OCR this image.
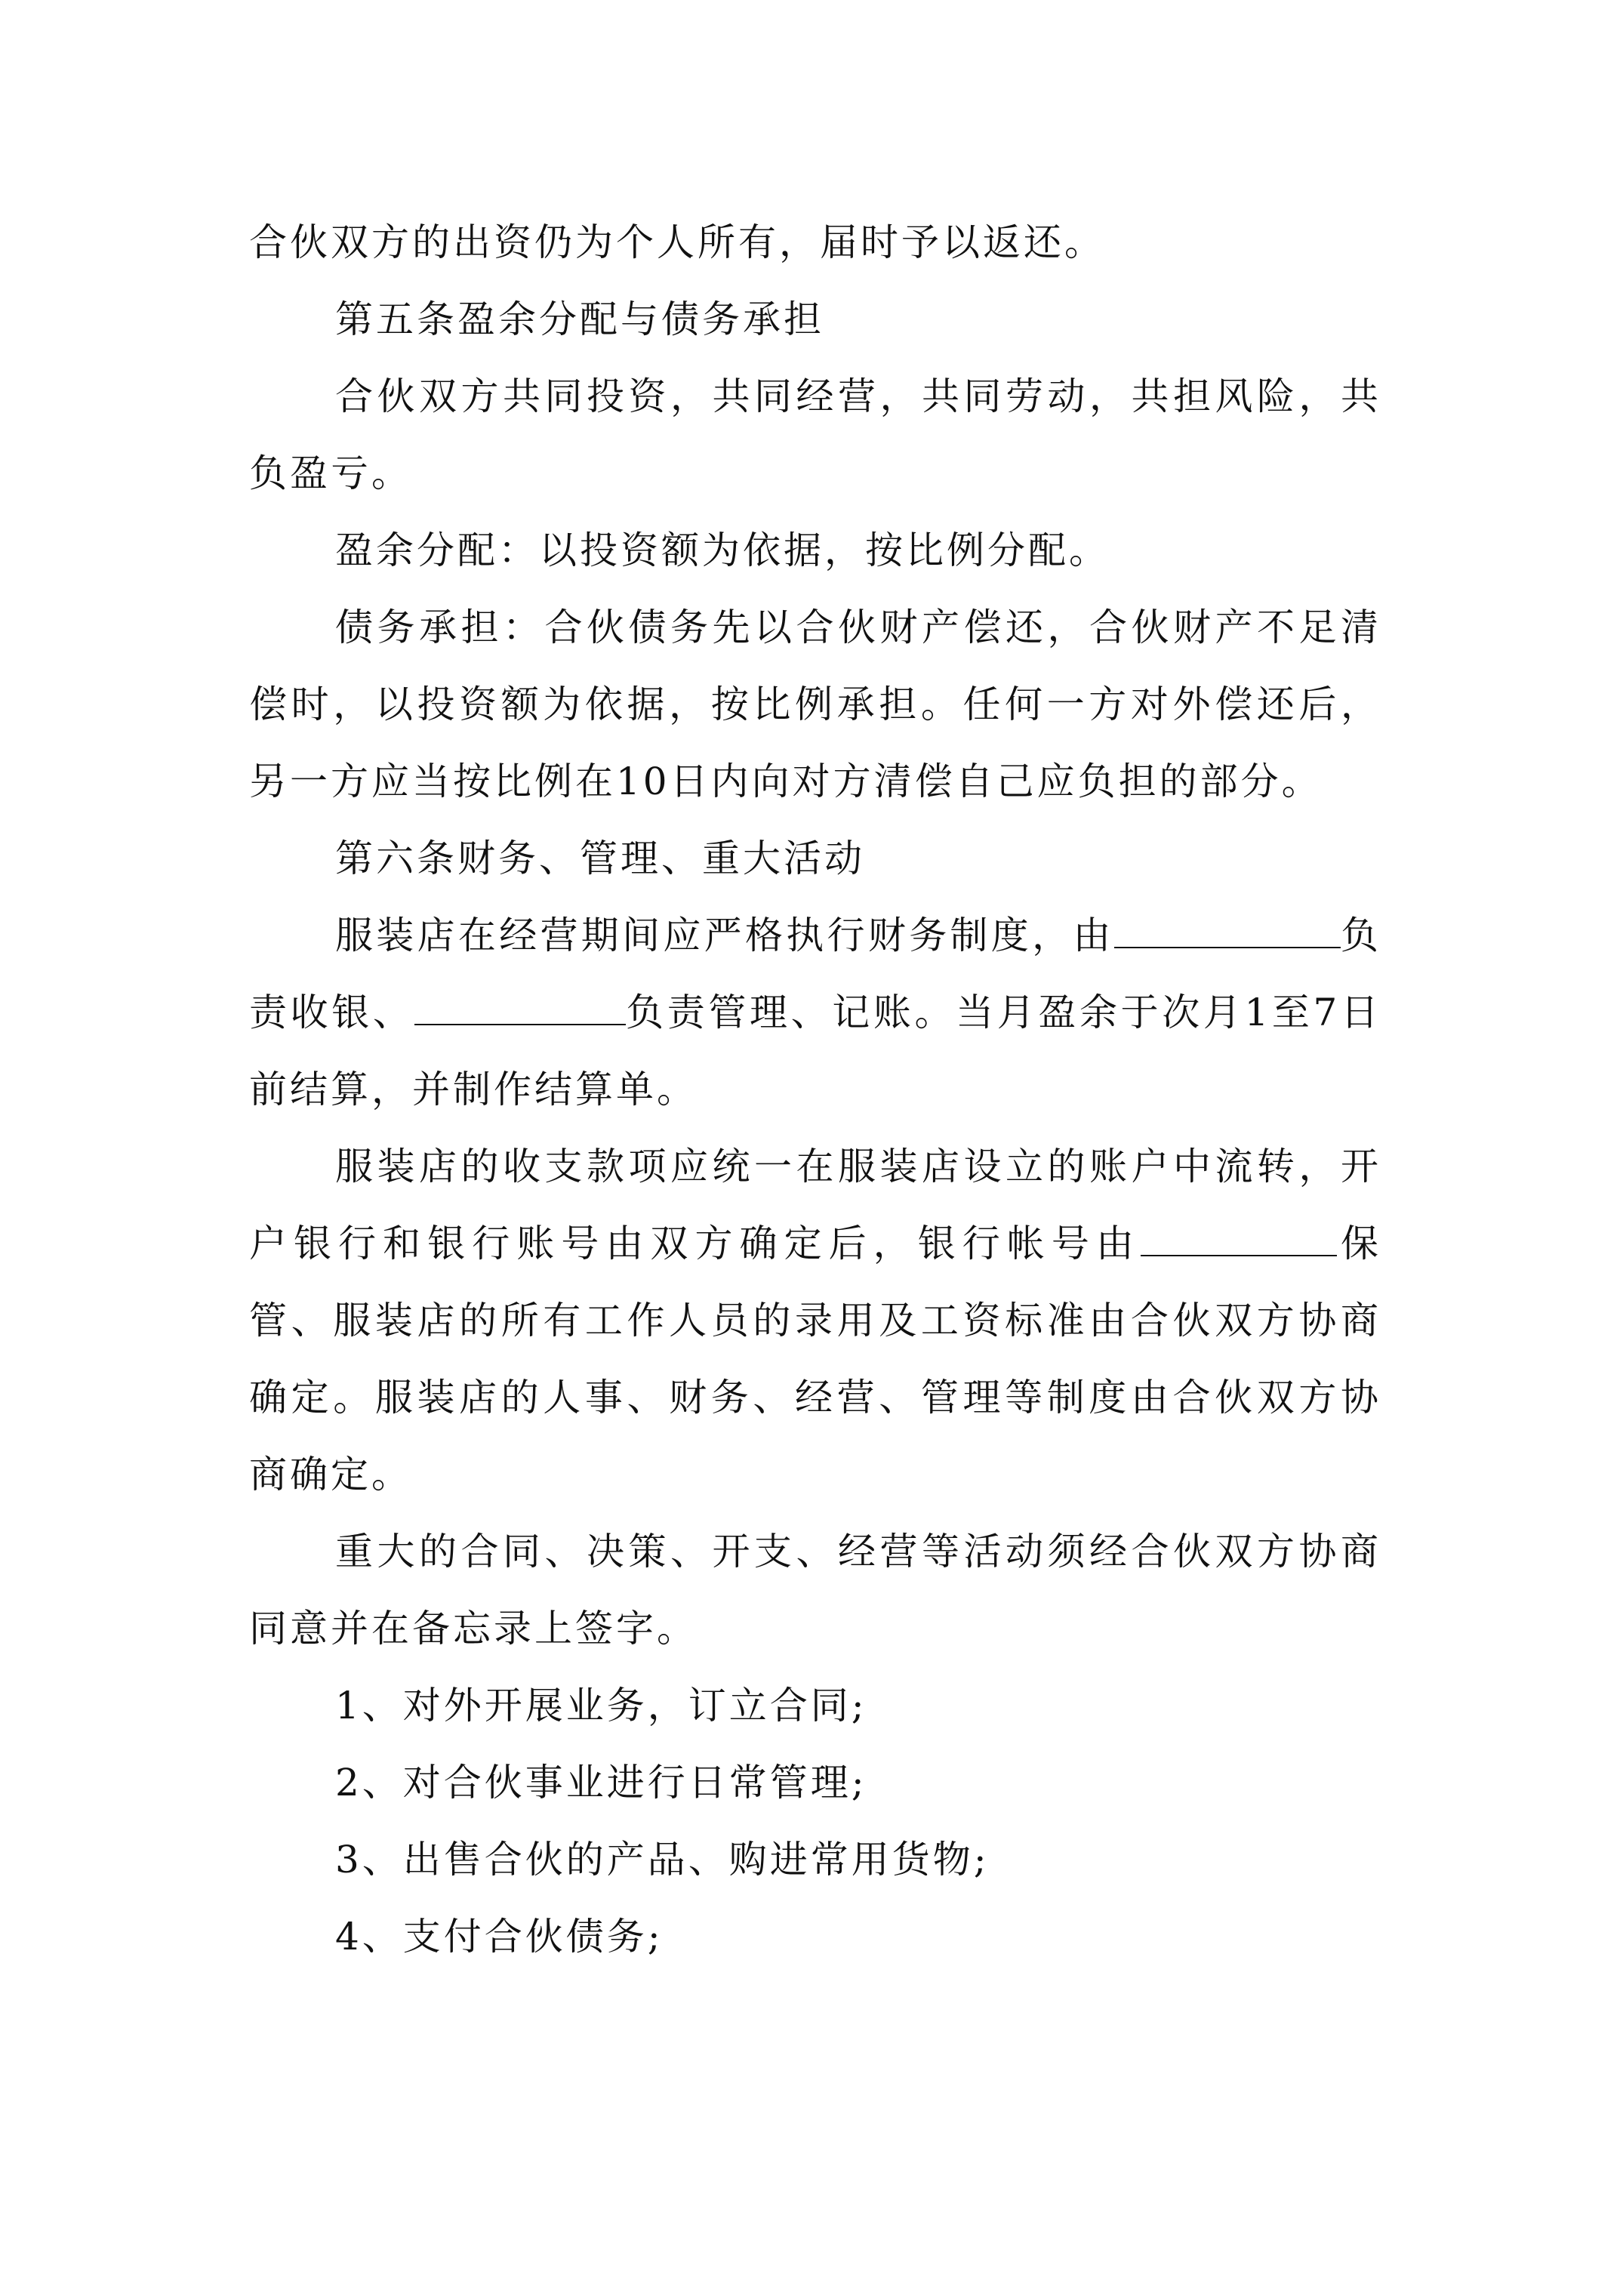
合伙双方的出资仍为个人所有，届时予以返还。

第五条盈余分配与债务承担

合伙双方共同投资，共同经营，共同劳动，共担风险，共负盈亏。

盈余分配：以投资额为依据，按比例分配。

债务承担：合伙债务先以合伙财产偿还，合伙财产不足清偿时，以投资额为依据，按比例承担。任何一方对外偿还后，另一方应当按比例在10日内向对方清偿自己应负担的部分。

第六条财务、管理、重大活动

服装店在经营期间应严格执行财务制度，由	负责收银、	负责管理、记账。当月盈余于次月1至7日前结算，并制作结算单。

服装店的收支款项应统一在服装店设立的账户中流转，开户银行和银行账号由双方确定后，银行帐号由	保管、服装店的所有工作人员的录用及工资标准由合伙双方协商确定。服装店的人事、财务、经营、管理等制度由合伙双方协商确定。

重大的合同、决策、开支、经营等活动须经合伙双方协商同意并在备忘录上签字。

1、对外开展业务，订立合同;

2、对合伙事业进行日常管理;

3、出售合伙的产品、购进常用货物;

4、支付合伙债务;
